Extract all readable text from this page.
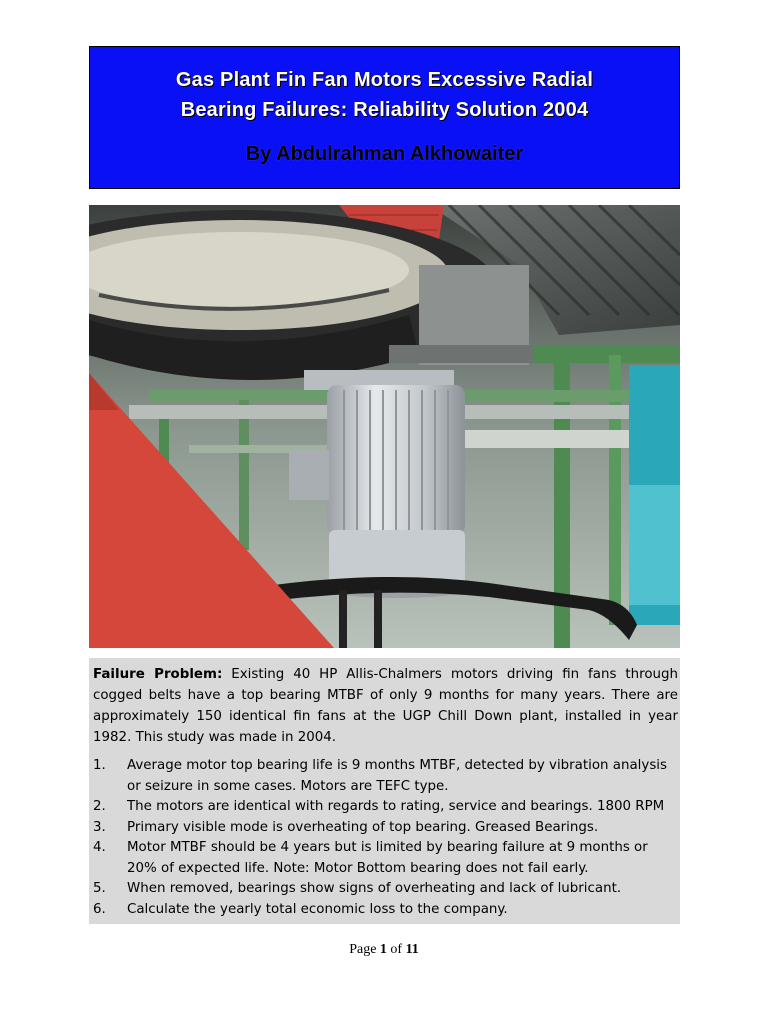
Gas Plant Fin Fan Motors Excessive Radial
Bearing Failures: Reliability Solution 2004
By Abdulrahman Alkhowaiter

Failure Problem: Existing 40 HP Allis-Chalmers motors driving fin fans through cogged belts have a top bearing MTBF of only 9 months for many years. There are approximately 150 identical fin fans at the UGP Chill Down plant, installed in year 1982. This study was made in 2004.

1.	Average motor top bearing life is 9 months MTBF, detected by vibration analysis or seizure in some cases. Motors are TEFC type.
2.	The motors are identical with regards to rating, service and bearings. 1800 RPM
3.	Primary visible mode is overheating of top bearing. Greased Bearings.
4.	Motor MTBF should be 4 years but is limited by bearing failure at 9 months or 20% of expected life. Note: Motor Bottom bearing does not fail early.
5.	When removed, bearings show signs of overheating and lack of lubricant.
6.	Calculate the yearly total economic loss to the company.
Page 1 of 11
